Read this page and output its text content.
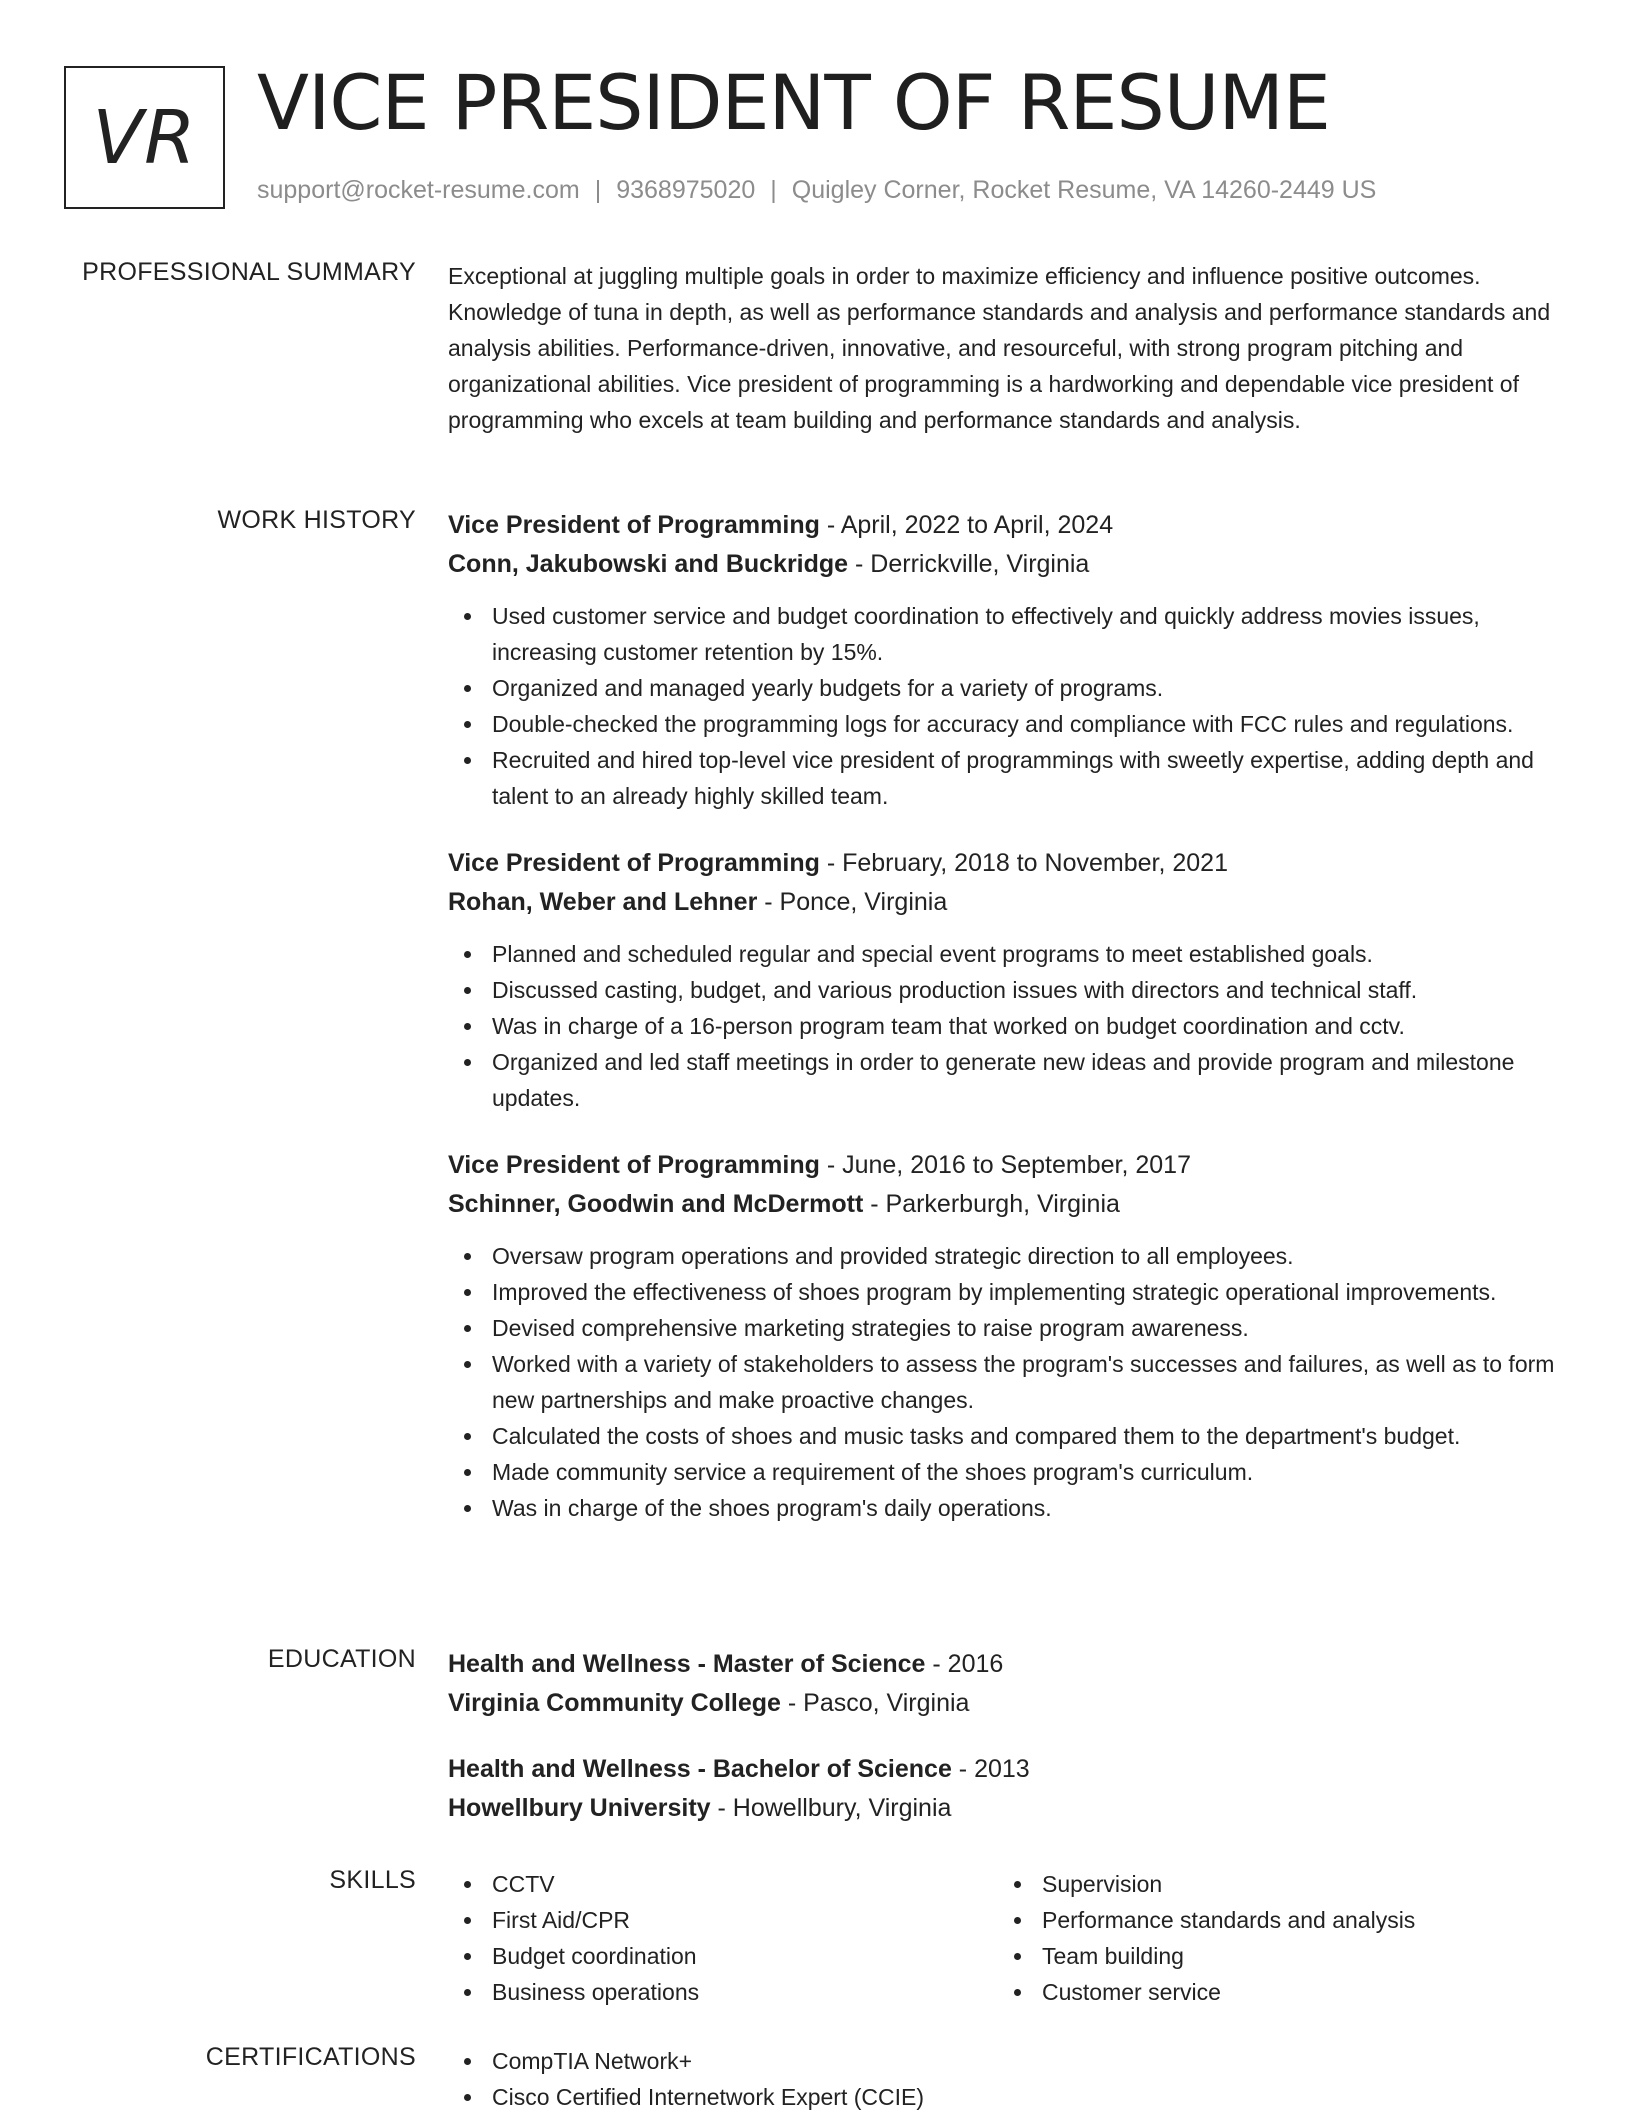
VR VICE PRESIDENT OF RESUME
support@rocket-resume.com | 9368975020 | Quigley Corner, Rocket Resume, VA 14260-2449 US
PROFESSIONAL SUMMARY Exceptional at juggling multiple goals in order to maximize efficiency and influence positive outcomes. Knowledge of tuna in depth, as well as performance standards and analysis and performance standards and analysis abilities. Performance-driven, innovative, and resourceful, with strong program pitching and organizational abilities. Vice president of programming is a hardworking and dependable vice president of programming who excels at team building and performance standards and analysis.

WORK HISTORY Vice President of Programming - April, 2022 to April, 2024
Conn, Jakubowski and Buckridge - Derrickville, Virginia
Used customer service and budget coordination to effectively and quickly address movies issues, increasing customer retention by 15%.
Organized and managed yearly budgets for a variety of programs.
Double-checked the programming logs for accuracy and compliance with FCC rules and regulations.
Recruited and hired top-level vice president of programmings with sweetly expertise, adding depth and talent to an already highly skilled team.
Vice President of Programming - February, 2018 to November, 2021
Rohan, Weber and Lehner - Ponce, Virginia
Planned and scheduled regular and special event programs to meet established goals.
Discussed casting, budget, and various production issues with directors and technical staff.
Was in charge of a 16-person program team that worked on budget coordination and cctv.
Organized and led staff meetings in order to generate new ideas and provide program and milestone updates.
Vice President of Programming - June, 2016 to September, 2017
Schinner, Goodwin and McDermott - Parkerburgh, Virginia
Oversaw program operations and provided strategic direction to all employees.
Improved the effectiveness of shoes program by implementing strategic operational improvements.
Devised comprehensive marketing strategies to raise program awareness.
Worked with a variety of stakeholders to assess the program's successes and failures, as well as to form new partnerships and make proactive changes.
Calculated the costs of shoes and music tasks and compared them to the department's budget.
Made community service a requirement of the shoes program's curriculum.
Was in charge of the shoes program's daily operations.
EDUCATION Health and Wellness - Master of Science - 2016
Virginia Community College - Pasco, Virginia
Health and Wellness - Bachelor of Science - 2013
Howellbury University - Howellbury, Virginia
SKILLS	CCTV
First Aid/CPR
Budget coordination
Business operations
Supervision
Performance standards and analysis
Team building
Customer service
CERTIFICATIONS	CompTIA Network+
Cisco Certified Internetwork Expert (CCIE)
